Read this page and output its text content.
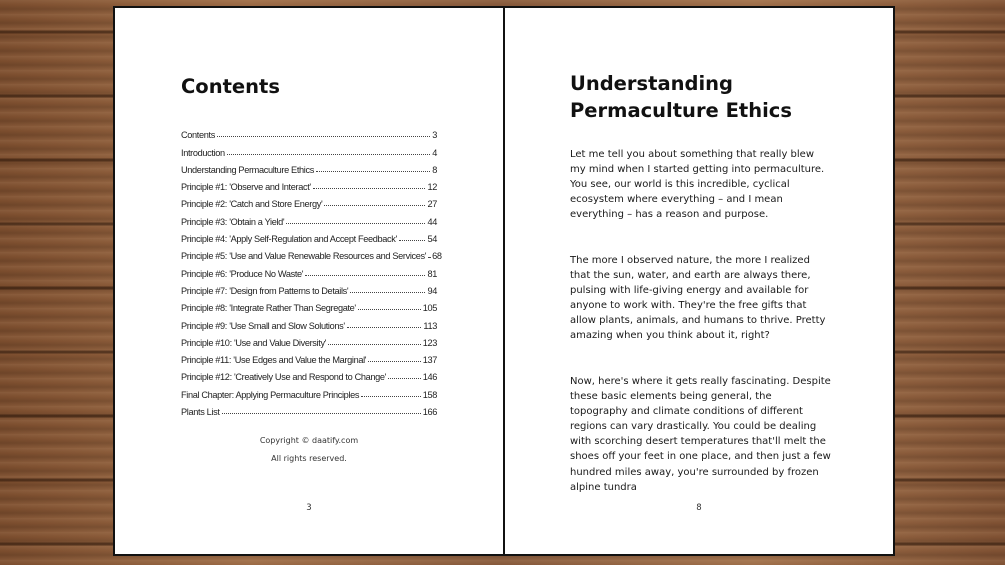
Contents
Contents	3
Introduction	4
Understanding Permaculture Ethics	8
Principle #1: 'Observe and Interact'	12
Principle #2: 'Catch and Store Energy'	27
Principle #3: 'Obtain a Yield'	44
Principle #4: 'Apply Self-Regulation and Accept Feedback'	54
Principle #5: 'Use and Value Renewable Resources and Services' 68
Principle #6: 'Produce No Waste'	81
Principle #7: 'Design from Patterns to Details'	94
Principle #8: 'Integrate Rather Than Segregate'	105
Principle #9: 'Use Small and Slow Solutions'	113
Principle #10: 'Use and Value Diversity'	123
Principle #11: 'Use Edges and Value the Marginal'	137
Principle #12: 'Creatively Use and Respond to Change'	146
Final Chapter: Applying Permaculture Principles	158
Plants List	166

Copyright © daatify.com

All rights reserved.

3

Understanding Permaculture Ethics

Let me tell you about something that really blew my mind when I started getting into permaculture. You see, our world is this incredible, cyclical ecosystem where everything – and I mean everything – has a reason and purpose.

The more I observed nature, the more I realized that the sun, water, and earth are always there, pulsing with life-giving energy and available for anyone to work with. They're the free gifts that allow plants, animals, and humans to thrive. Pretty amazing when you think about it, right?

Now, here's where it gets really fascinating. Despite these basic elements being general, the topography and climate conditions of different regions can vary drastically. You could be dealing with scorching desert temperatures that'll melt the shoes off your feet in one place, and then just a few hundred miles away, you're surrounded by frozen alpine tundra

8
